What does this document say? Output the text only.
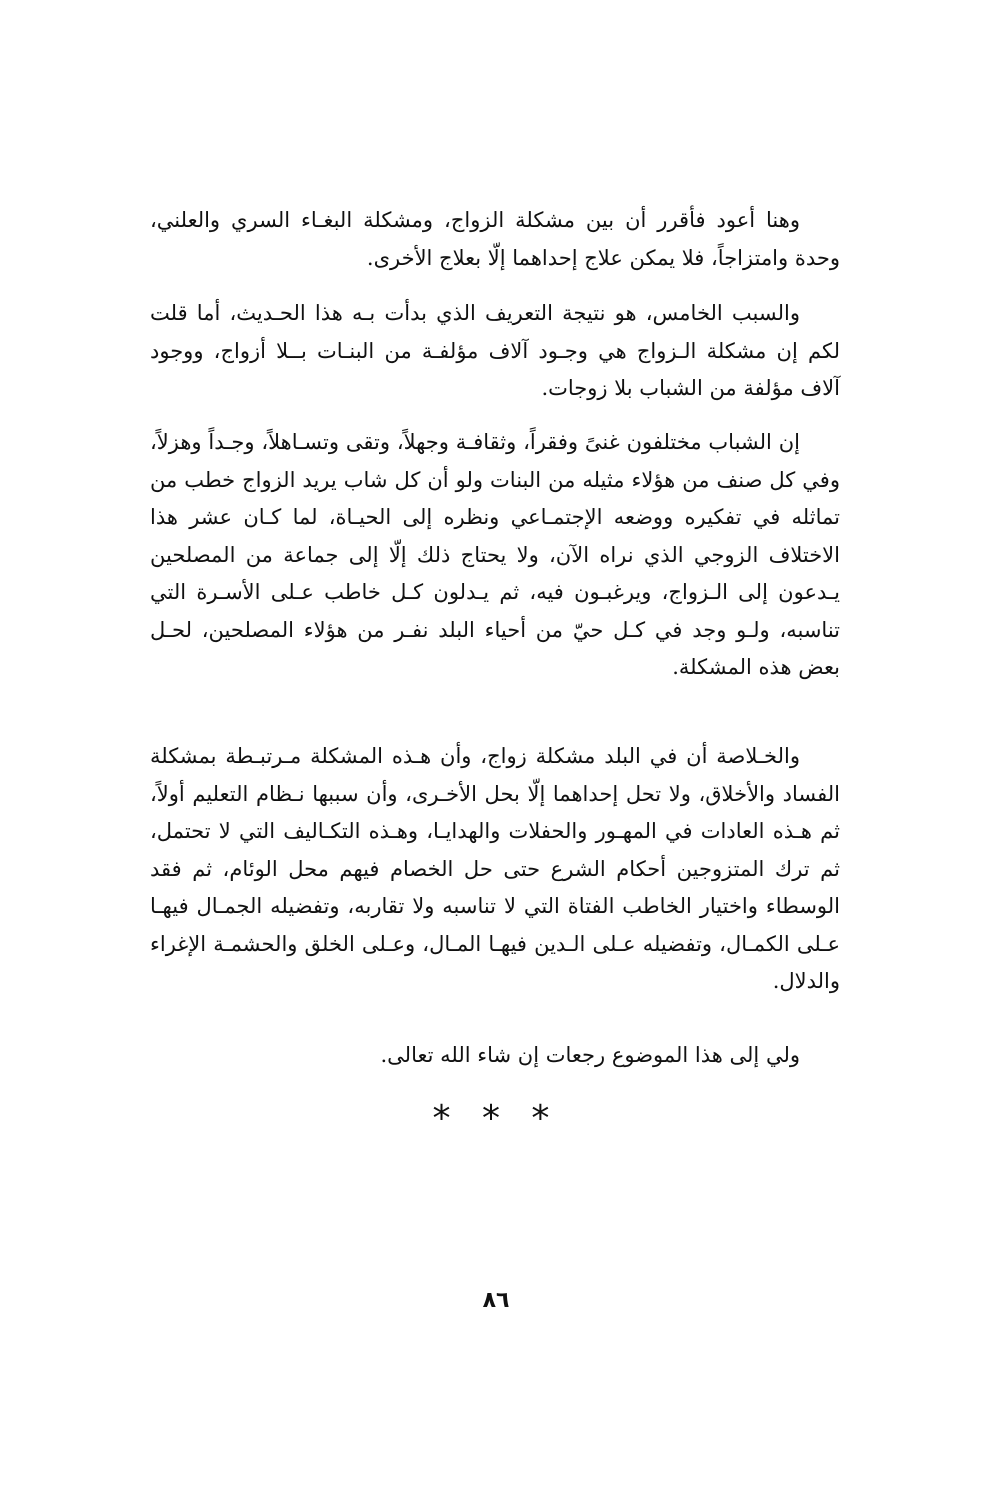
وهنا أعود فأقرر أن بين مشكلة الزواج، ومشكلة البغـاء السري والعلني، وحدة وامتزاجاً، فلا يمكن علاج إحداهما إلّا بعلاج الأخرى.

والسبب الخامس، هو نتيجة التعريف الذي بدأت بـه هذا الحـديث، أما قلت لكم إن مشكلة الـزواج هي وجـود آلاف مؤلفـة من البنـات بــلا أزواج، ووجود آلاف مؤلفة من الشباب بلا زوجات.

إن الشباب مختلفون غنىً وفقراً، وثقافـة وجهلاً، وتقى وتسـاهلاً، وجـداً وهزلاً، وفي كل صنف من هؤلاء مثيله من البنات ولو أن كل شاب يريد الزواج خطب من تماثله في تفكيره ووضعه الإجتمـاعي ونظره إلى الحيـاة، لما كـان عشر هذا الاختلاف الزوجي الذي نراه الآن، ولا يحتاج ذلك إلّا إلى جماعة من المصلحين يـدعون إلى الـزواج، ويرغبـون فيه، ثم يـدلون كـل خاطب عـلى الأسـرة التي تناسبه، ولـو وجد في كـل حيّ من أحياء البلد نفـر من هؤلاء المصلحين، لحـل بعض هذه المشكلة.

والخـلاصة أن في البلد مشكلة زواج، وأن هـذه المشكلة مـرتبـطة بمشكلة الفساد والأخلاق، ولا تحل إحداهما إلّا بحل الأخـرى، وأن سببها نـظام التعليم أولاً، ثم هـذه العادات في المهـور والحفلات والهدايـا، وهـذه التكـاليف التي لا تحتمل، ثم ترك المتزوجين أحكام الشرع حتى حل الخصام فيهم محل الوئام، ثم فقد الوسطاء واختيار الخاطب الفتاة التي لا تناسبه ولا تقاربه، وتفضيله الجمـال فيهـا عـلى الكمـال، وتفضيله عـلى الـدين فيهـا المـال، وعـلى الخلق والحشمـة الإغراء والدلال.

ولي إلى هذا الموضوع رجعات إن شاء الله تعالى.

* * *
٨٦
